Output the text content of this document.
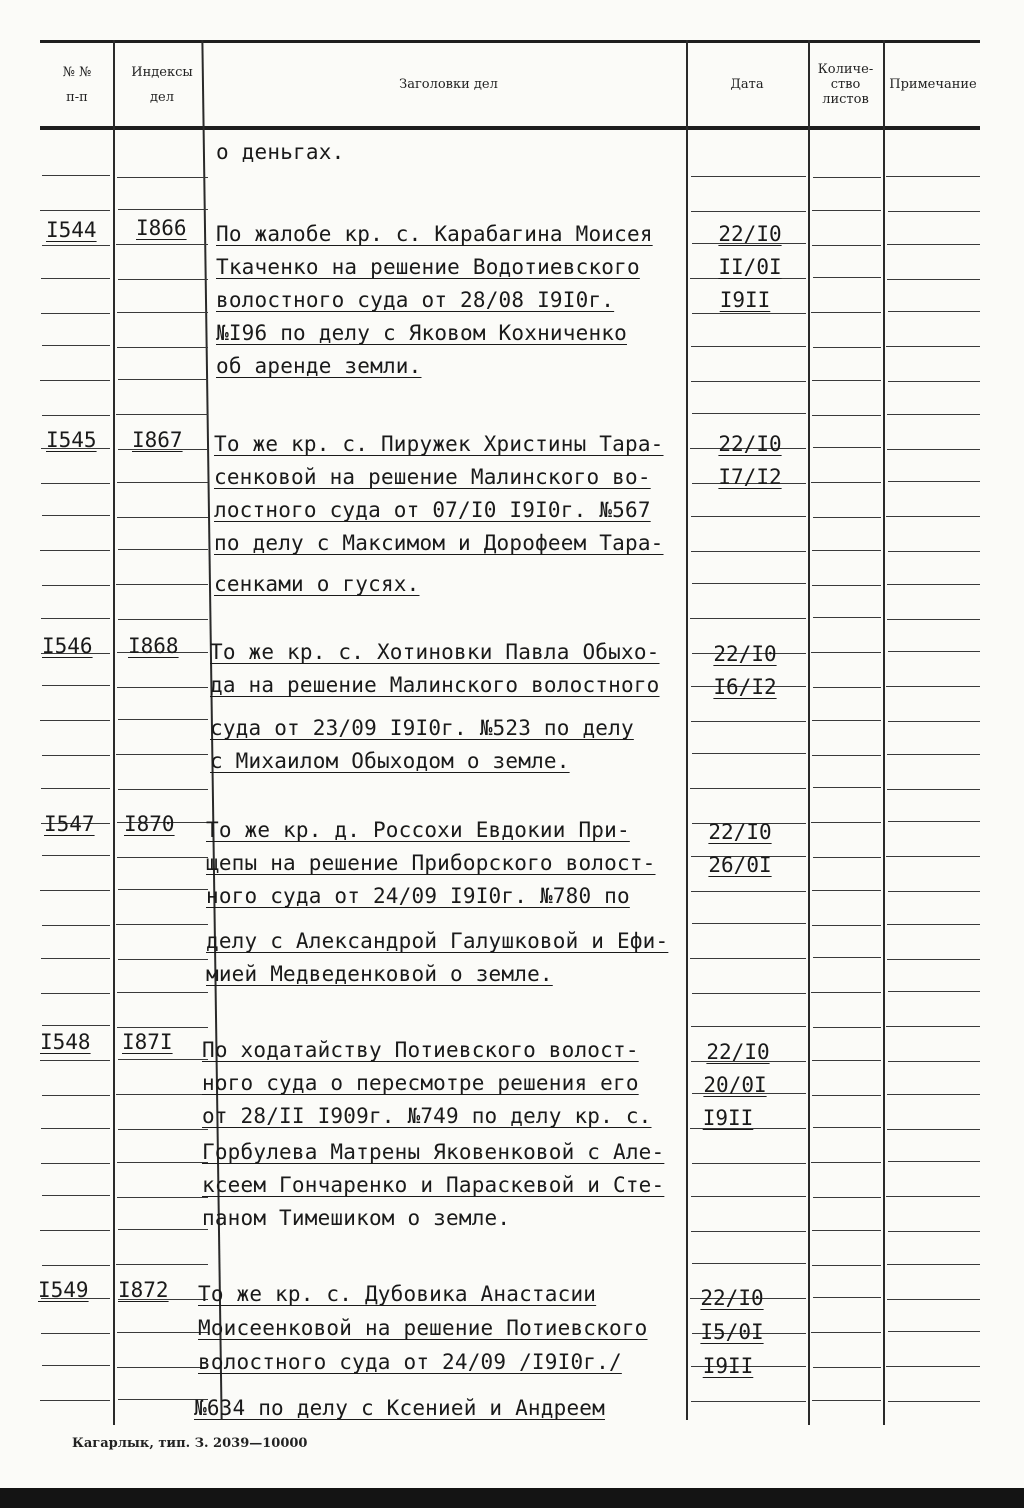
№ №
п-п
Индексы
дел
Заголовки дел	Дата
Количе-
ство
листов
Примечание
о деньгах.
I544 I866 По жалобе кр. с. Карабагина Моисея
Ткаченко на решение Водотиевского
волостного суда от 28/08 I9I0г.
№I96 по делу с Яковом Кохниченко
об аренде земли.
22/I0
II/0I
I9II
I545 I867 То же кр. с. Пиружек Христины Тара-
сенковой на решение Малинского во-
лостного суда от 07/I0 I9I0г. №567
по делу с Максимом и Дорофеем Тара-
сенками о гусях.
22/I0
I7/I2
I546 I868 То же кр. с. Хотиновки Павла Обыхо-
да на решение Малинского волостного
суда от 23/09 I9I0г. №523 по делу
с Михаилом Обыходом о земле.
22/I0
I6/I2
I547 I870 То же кр. д. Россохи Евдокии При-
щепы на решение Приборского волост-
ного суда от 24/09 I9I0г. №780 по
делу с Александрой Галушковой и Ефи-
мией Медведенковой о земле.
22/I0
26/0I
I548 I87I По ходатайству Потиевского волост-
ного суда о пересмотре решения его
от 28/II I909г. №749 по делу кр. с.
Горбулева Матрены Яковенковой с Але-
ксеем Гончаренко и Параскевой и Сте-
паном Тимешиком о земле.
22/I0
20/0I
I9II
I549 I872 То же кр. с. Дубовика Анастасии
Моисеенковой на решение Потиевского
волостного суда от 24/09 /I9I0г./
№634 по делу с Ксенией и Андреем
22/I0
I5/0I
I9II
Кагарлык, тип. З. 2039—10000
